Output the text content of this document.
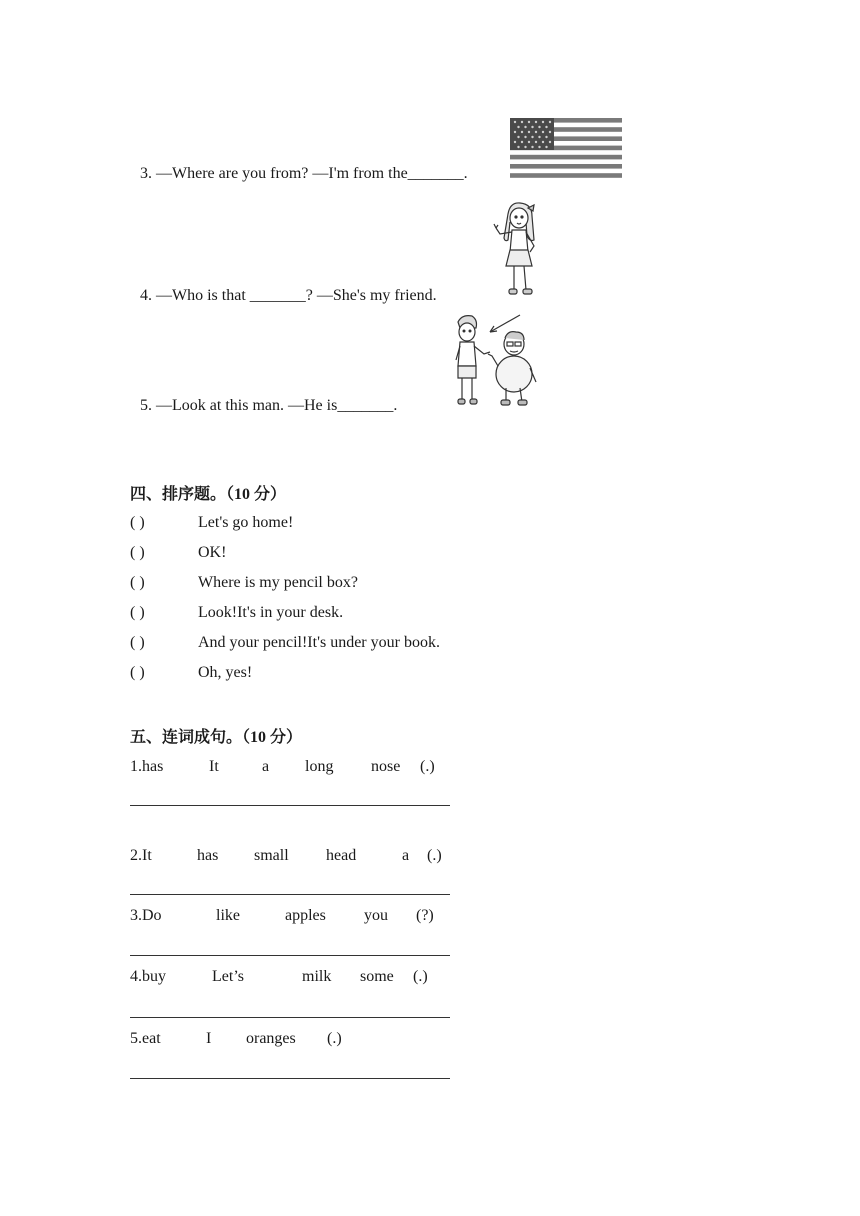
3. —Where are you from? —I'm from the_______.
4. —Who is that _______? —She's my friend.
5. —Look at this man. —He is_______.
四、排序题。（10 分）
( )	Let's go home!
( )	OK!
( )	Where is my pencil box?
( )	Look!It's in your desk.
( )	And your pencil!It's under your book.
( )	Oh, yes!
五、连词成句。（10 分）
1.has	It	a long nose (.)
2.It	has small head	a (.)
3.Do	like	apples you (?)
4.buy	Let’s	milk some (.)
5.eat	I oranges (.)
